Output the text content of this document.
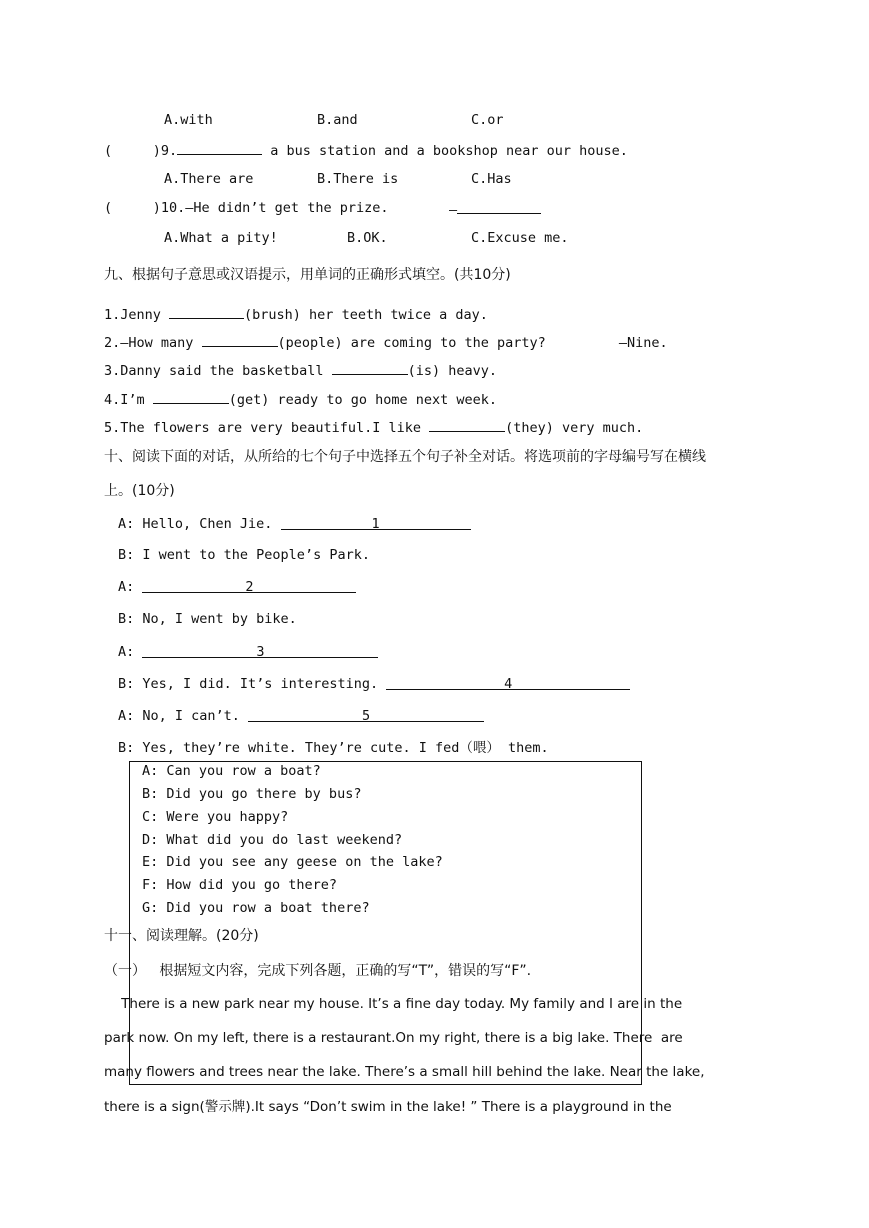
A.with	B.and	C.or
(     )9.	a bus station and a bookshop near our house.
A.There are	B.There is	C.Has
(     )10.—He didn’t get the prize.	—
A.What a pity!	B.OK.	C.Excuse me.
九、根据句子意思或汉语提示，用单词的正确形式填空。(共10分)
1.Jenny	(brush) her teeth twice a day.
2.—How many	(people) are coming to the party?         —Nine.
3.Danny said the basketball	(is) heavy.
4.I’m	(get) ready to go home next week.
5.The flowers are very beautiful.I like	(they) very much.
十、阅读下面的对话，从所给的七个句子中选择五个句子补全对话。将选项前的字母编号写在横线
上。(10分)
A: Hello, Chen Jie.	1
B: I went to the People’s Park.
A:	2
B: No, I went by bike.
A:	3
B: Yes, I did. It’s interesting.	4
A: No, I can’t.	5
B: Yes, they’re white. They’re cute. I fed（喂） them.
A: Can you row a boat?
B: Did you go there by bus?
C: Were you happy?
D: What did you do last weekend?
E: Did you see any geese on the lake?
F: How did you go there?
G: Did you row a boat there?
十一、阅读理解。(20分)
（一）   根据短文内容，完成下列各题，正确的写“T”，错误的写“F”.
There is a new park near my house. It’s a fine day today. My family and I are in the
park now. On my left, there is a restaurant.On my right, there is a big lake. There  are
many flowers and trees near the lake. There’s a small hill behind the lake. Near the lake,
there is a sign(警示牌).It says “Don’t swim in the lake! ” There is a playground in the
